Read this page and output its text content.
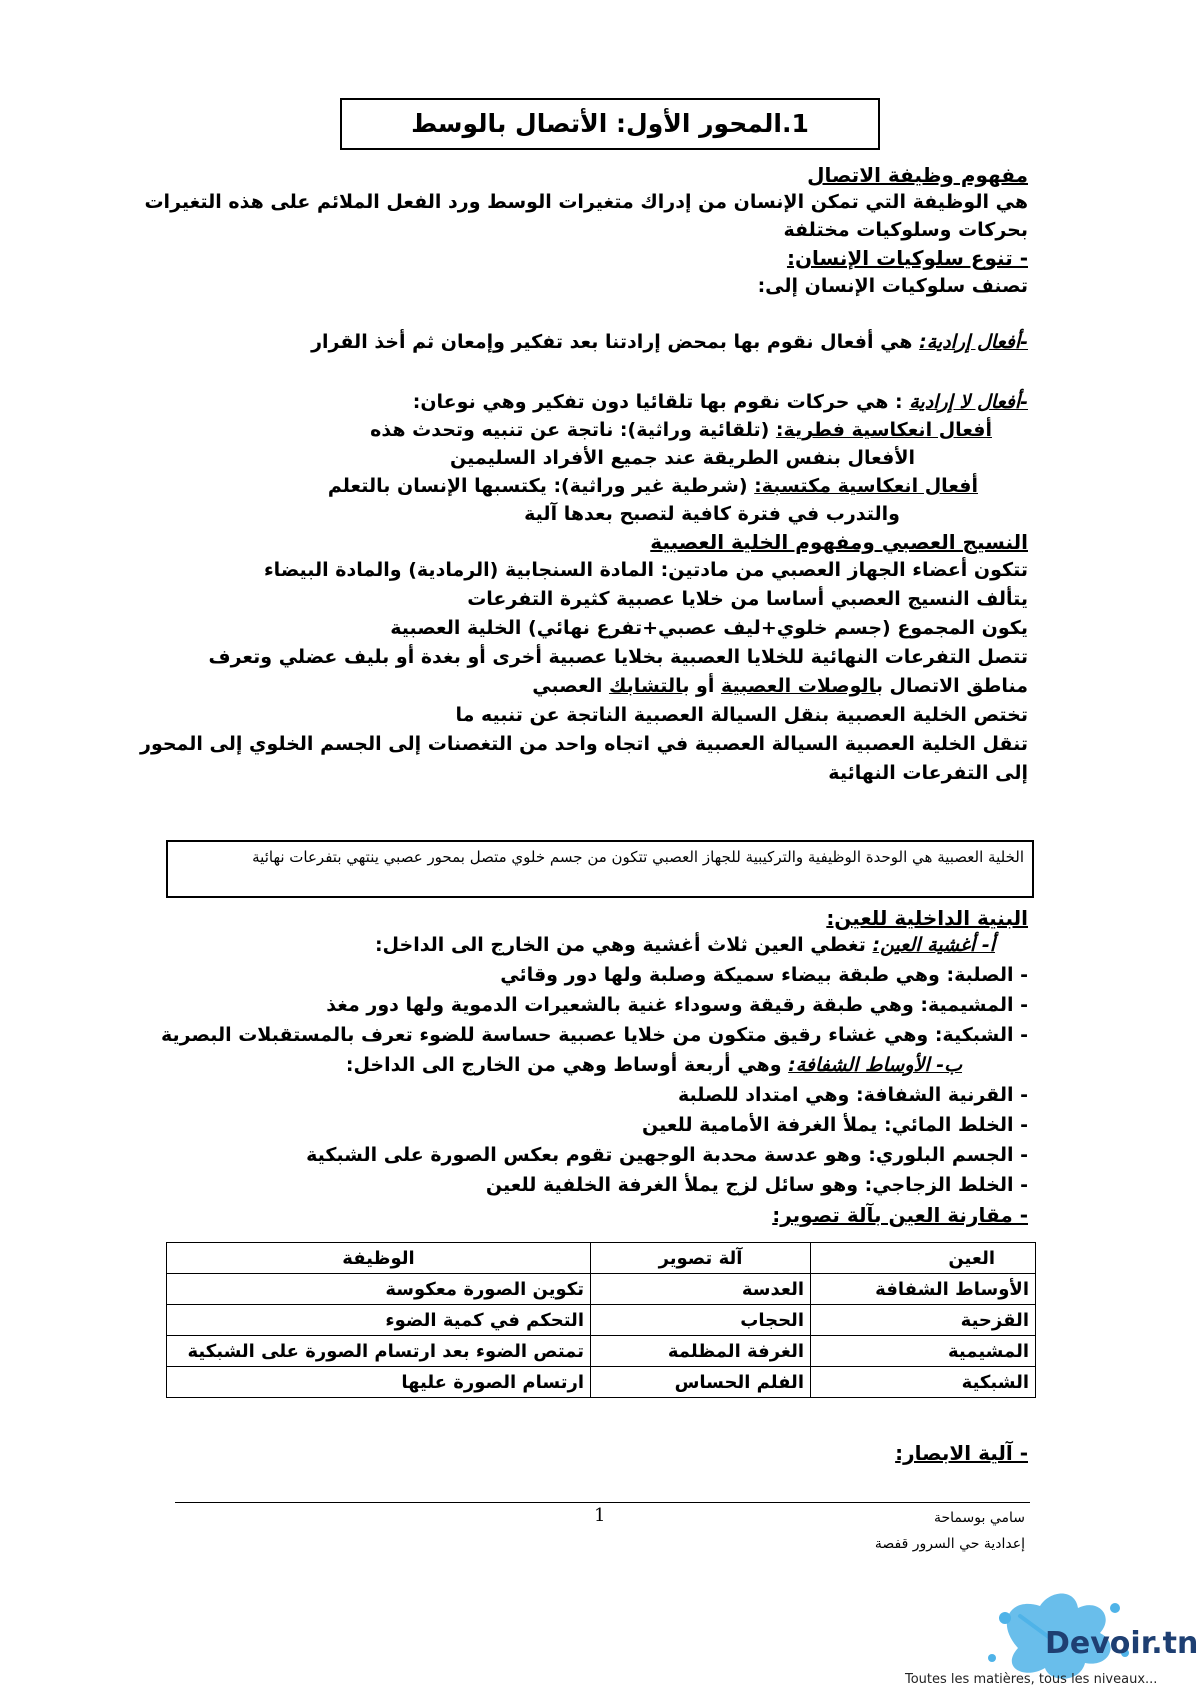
1.المحور الأول: الأتصال بالوسط
مفهوم وظيفة الاتصال
هي الوظيفة التي تمكن الإنسان من إدراك متغيرات الوسط ورد الفعل الملائم على هذه التغيرات
بحركات وسلوكيات مختلفة
- تنوع سلوكيات الإنسان:
تصنف سلوكيات الإنسان إلى:
-أفعال إرادية: هي أفعال نقوم بها بمحض إرادتنا بعد تفكير وإمعان ثم أخذ القرار
-أفعال لا إرادية : هي حركات نقوم بها تلقائيا دون تفكير وهي نوعان:
أفعال انعكاسية فطرية: (تلقائية وراثية): ناتجة عن تنبيه وتحدث هذه
الأفعال بنفس الطريقة عند جميع الأفراد السليمين
أفعال انعكاسية مكتسبة: (شرطية غير وراثية): يكتسبها الإنسان بالتعلم
والتدرب في فترة كافية لتصبح بعدها آلية
النسيج العصبي ومفهوم الخلية العصبية
تتكون أعضاء الجهاز العصبي من مادتين: المادة السنجابية (الرمادية) والمادة البيضاء
يتألف النسيج العصبي أساسا من خلايا عصبية كثيرة التفرعات
يكون المجموع (جسم خلوي+ليف عصبي+تفرع نهائي) الخلية العصبية
تتصل التفرعات النهائية للخلايا العصبية بخلايا عصبية أخرى أو بغدة أو بليف عضلي وتعرف
مناطق الاتصال بالوصلات العصبية أو بالتشابك العصبي
تختص الخلية العصبية بنقل السيالة العصبية الناتجة عن تنبيه ما
تنقل الخلية العصبية السيالة العصبية في اتجاه واحد من التغصنات إلى الجسم الخلوي إلى المحور
إلى التفرعات النهائية
الخلية العصبية هي الوحدة الوظيفية والتركيبية للجهاز العصبي تتكون من جسم خلوي متصل بمحور عصبي ينتهي بتفرعات نهائية
البنية الداخلية للعين:
أ- أغشية العين: تغطي العين ثلاث أغشية وهي من الخارج الى الداخل:
- الصلبة: وهي طبقة بيضاء سميكة وصلبة ولها دور وقائي
- المشيمية: وهي طبقة رقيقة وسوداء غنية بالشعيرات الدموية ولها دور مغذ
- الشبكية: وهي غشاء رقيق متكون من خلايا عصبية حساسة للضوء تعرف بالمستقبلات البصرية
ب- الأوساط الشفافة: وهي أربعة أوساط وهي من الخارج الى الداخل:
- القرنية الشفافة: وهي امتداد للصلبة
- الخلط المائي: يملأ الغرفة الأمامية للعين
- الجسم البلوري: وهو عدسة محدبة الوجهين تقوم بعكس الصورة على الشبكية
- الخلط الزجاجي: وهو سائل لزج يملأ الغرفة الخلفية للعين
- مقارنة العين بآلة تصوير:
العين	آلة تصوير	الوظيفة
الأوساط الشفافة	العدسة	تكوين الصورة معكوسة
القزحية	الحجاب	التحكم في كمية الضوء
المشيمية	الغرفة المظلمة	تمتص الضوء بعد ارتسام الصورة على الشبكية
الشبكية	الفلم الحساس	ارتسام الصورة عليها
- آلية الابصار:
1	سامي بوسماحة
إعدادية حي السرور قفصة
Devoir.tn
Toutes les matières, tous les niveaux...
